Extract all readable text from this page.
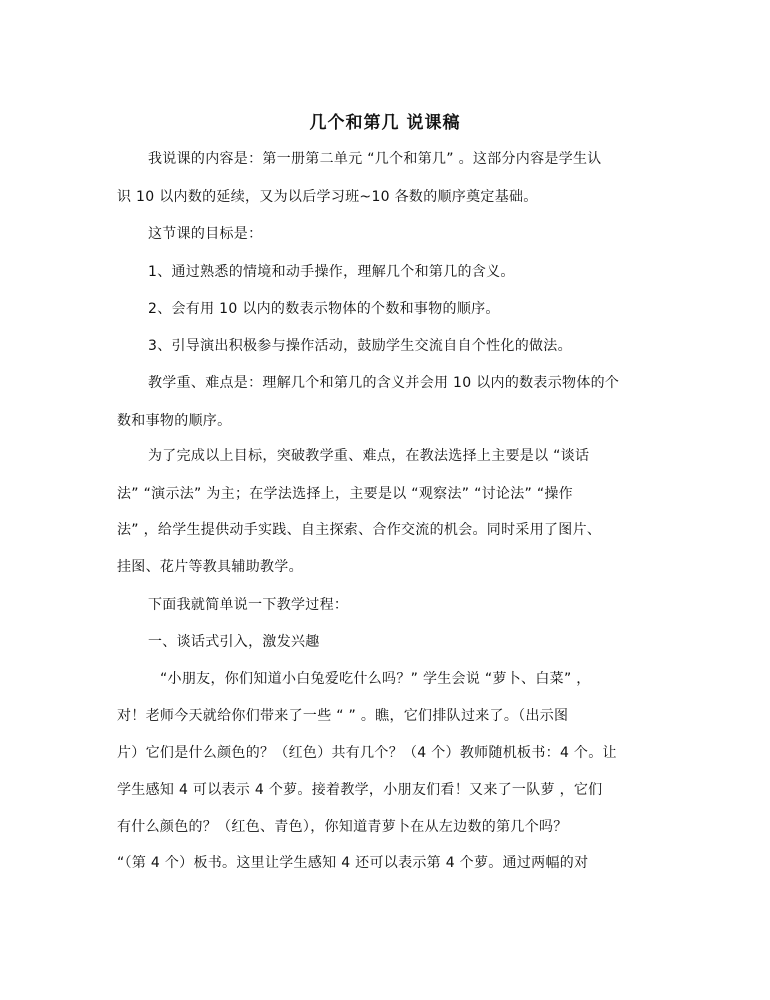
几个和第几 说课稿
我说课的内容是：第一册第二单元 “几个和第几” 。这部分内容是学生认
识 10 以内数的延续，又为以后学习班~10 各数的顺序奠定基础。
这节课的目标是：
1、通过熟悉的情境和动手操作，理解几个和第几的含义。
2、会有用 10 以内的数表示物体的个数和事物的顺序。
3、引导演出积极参与操作活动，鼓励学生交流自自个性化的做法。
教学重、难点是：理解几个和第几的含义并会用 10 以内的数表示物体的个
数和事物的顺序。
为了完成以上目标，突破教学重、难点，在教法选择上主要是以 “谈话
法” “演示法” 为主；在学法选择上，主要是以 “观察法” “讨论法” “操作
法” ，给学生提供动手实践、自主探索、合作交流的机会。同时采用了图片、
挂图、花片等教具辅助教学。
下面我就简单说一下教学过程：
一、谈话式引入，激发兴趣
“小朋友，你们知道小白兔爱吃什么吗？” 学生会说 “萝卜、白菜” ，
对！老师今天就给你们带来了一些 “ ” 。瞧，它们排队过来了。（出示图
片）它们是什么颜色的？（红色）共有几个？（4 个）教师随机板书：4 个。让
学生感知 4 可以表示 4 个萝。接着教学，小朋友们看！又来了一队萝 ，它们
有什么颜色的？（红色、青色），你知道青萝卜在从左边数的第几个吗？
“（第 4 个）板书。这里让学生感知 4 还可以表示第 4 个萝。通过两幅的对
